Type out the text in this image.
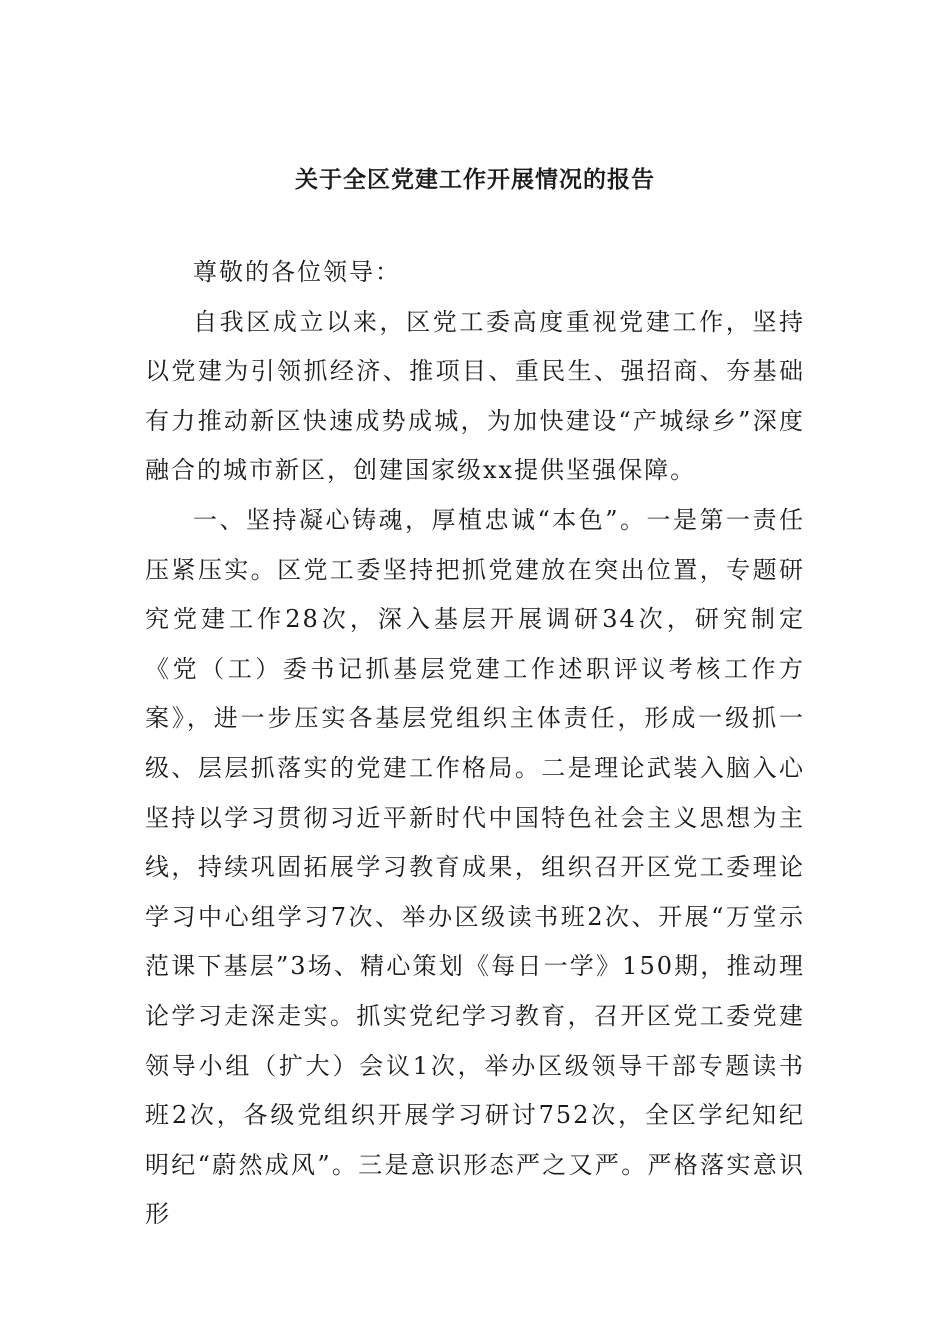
关于全区党建工作开展情况的报告

尊敬的各位领导：

自我区成立以来，区党工委高度重视党建工作，坚持以党建为引领抓经济、推项目、重民生、强招商、夯基础有力推动新区快速成势成城，为加快建设“产城绿乡”深度融合的城市新区，创建国家级xx提供坚强保障。

一、坚持凝心铸魂，厚植忠诚“本色”。一是第一责任压紧压实。区党工委坚持把抓党建放在突出位置，专题研究党建工作28次，深入基层开展调研34次，研究制定《党（工）委书记抓基层党建工作述职评议考核工作方案》，进一步压实各基层党组织主体责任，形成一级抓一级、层层抓落实的党建工作格局。二是理论武装入脑入心坚持以学习贯彻习近平新时代中国特色社会主义思想为主线，持续巩固拓展学习教育成果，组织召开区党工委理论学习中心组学习7次、举办区级读书班2次、开展“万堂示范课下基层”3场、精心策划《每日一学》150期，推动理论学习走深走实。抓实党纪学习教育，召开区党工委党建领导小组（扩大）会议1次，举办区级领导干部专题读书班2次，各级党组织开展学习研讨752次，全区学纪知纪明纪“蔚然成风”。三是意识形态严之又严。严格落实意识形
